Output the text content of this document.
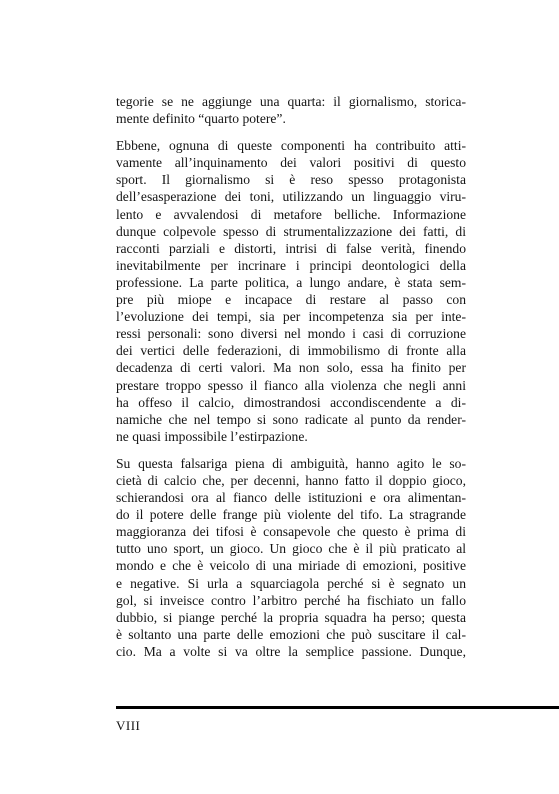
tegorie se ne aggiunge una quarta: il giornalismo, storica-
mente definito “quarto potere”.

Ebbene, ognuna di queste componenti ha contribuito atti-
vamente all’inquinamento dei valori positivi di questo
sport. Il giornalismo si è reso spesso protagonista
dell’esasperazione dei toni, utilizzando un linguaggio viru-
lento e avvalendosi di metafore belliche. Informazione
dunque colpevole spesso di strumentalizzazione dei fatti, di
racconti parziali e distorti, intrisi di false verità, finendo
inevitabilmente per incrinare i principi deontologici della
professione. La parte politica, a lungo andare, è stata sem-
pre più miope e incapace di restare al passo con
l’evoluzione dei tempi, sia per incompetenza sia per inte-
ressi personali: sono diversi nel mondo i casi di corruzione
dei vertici delle federazioni, di immobilismo di fronte alla
decadenza di certi valori. Ma non solo, essa ha finito per
prestare troppo spesso il fianco alla violenza che negli anni
ha offeso il calcio, dimostrandosi accondiscendente a di-
namiche che nel tempo si sono radicate al punto da render-
ne quasi impossibile l’estirpazione.

Su questa falsariga piena di ambiguità, hanno agito le so-
cietà di calcio che, per decenni, hanno fatto il doppio gioco,
schierandosi ora al fianco delle istituzioni e ora alimentan-
do il potere delle frange più violente del tifo. La stragrande
maggioranza dei tifosi è consapevole che questo è prima di
tutto uno sport, un gioco. Un gioco che è il più praticato al
mondo e che è veicolo di una miriade di emozioni, positive
e negative. Si urla a squarciagola perché si è segnato un
gol, si inveisce contro l’arbitro perché ha fischiato un fallo
dubbio, si piange perché la propria squadra ha perso; questa
è soltanto una parte delle emozioni che può suscitare il cal-
cio. Ma a volte si va oltre la semplice passione. Dunque,

VIII
